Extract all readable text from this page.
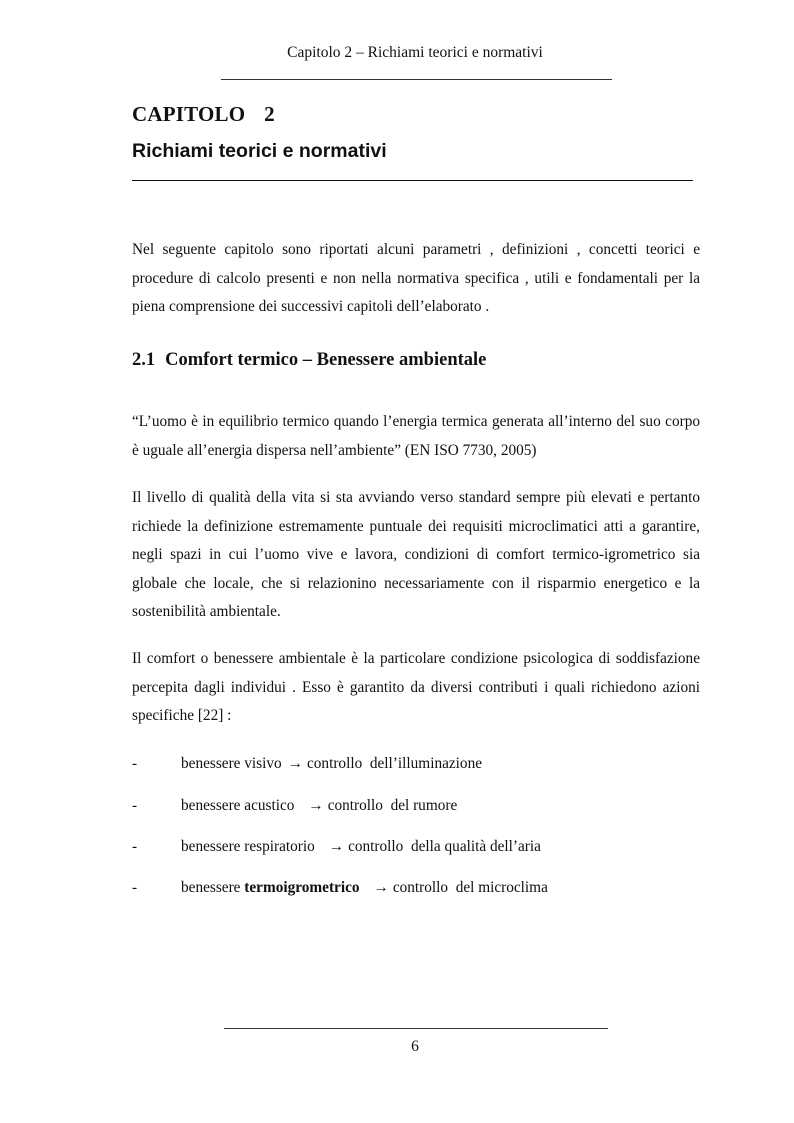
Capitolo 2 – Richiami teorici e normativi
CAPITOLO  2
Richiami teorici e normativi

Nel seguente capitolo sono riportati alcuni parametri , definizioni , concetti teorici e procedure di calcolo presenti e non nella normativa specifica , utili e fondamentali per la piena comprensione dei successivi capitoli dell’elaborato .

2.1 Comfort termico – Benessere ambientale

“L’uomo è in equilibrio termico quando l’energia termica generata all’interno del suo corpo è uguale all’energia dispersa nell’ambiente” (EN ISO 7730, 2005)

Il livello di qualità della vita si sta avviando verso standard sempre più elevati e pertanto richiede la definizione estremamente puntuale dei requisiti microclimatici atti a garantire, negli spazi in cui l’uomo vive e lavora, condizioni di comfort termico-igrometrico sia globale che locale, che si relazionino necessariamente con il risparmio energetico e la sostenibilità ambientale.

Il comfort o benessere ambientale è la particolare condizione psicologica di soddisfazione percepita dagli individui . Esso è garantito da diversi contributi i quali richiedono azioni specifiche [22] :

-	benessere visivo → controllo  dell’illuminazione
-	benessere acustico → controllo  del rumore
-	benessere respiratorio → controllo  della qualità dell’aria
-	benessere termoigrometrico → controllo  del microclima
6
